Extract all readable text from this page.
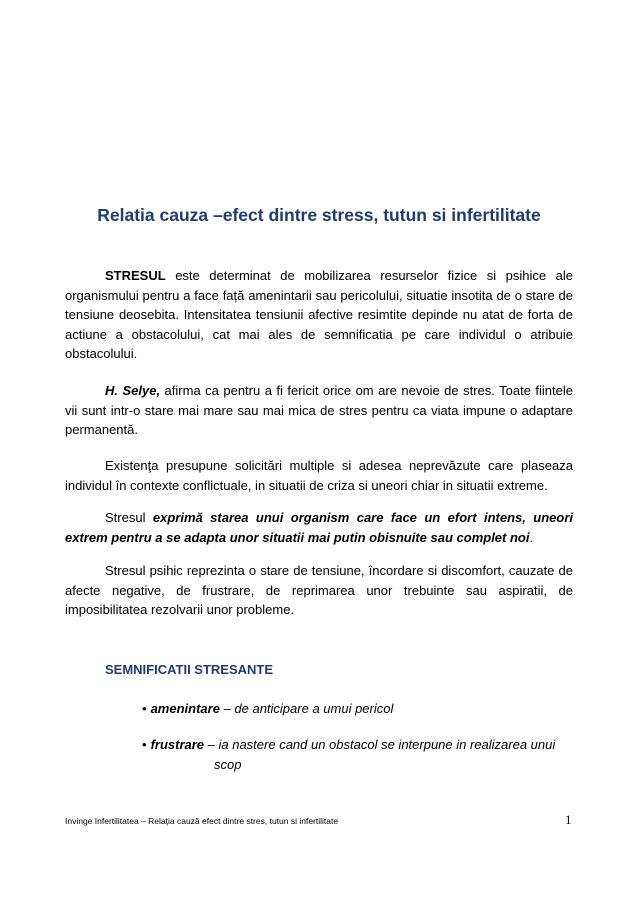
Relatia cauza –efect dintre stress, tutun si infertilitate

STRESUL este determinat de mobilizarea resurselor fizice si psihice ale organismului pentru a face față amenintarii sau pericolului, situatie insotita de o stare de tensiune deosebita. Intensitatea tensiunii afective resimtite depinde nu atat de forta de actiune a obstacolului, cat mai ales de semnificatia pe care individul o atribuie obstacolului.

H. Selye, afirma ca pentru a fi fericit orice om are nevoie de stres. Toate fiintele vii sunt intr-o stare mai mare sau mai mica de stres pentru ca viata impune o adaptare permanentă.

Existenţa presupune solicitări multiple si adesea neprevăzute care plaseaza individul în contexte conflictuale, in situatii de criza si uneori chiar in situatii extreme.

Stresul exprimă starea unui organism care face un efort intens, uneori extrem pentru a se adapta unor situatii mai putin obisnuite sau complet noi.

Stresul psihic reprezinta o stare de tensiune, încordare si discomfort, cauzate de afecte negative, de frustrare, de reprimarea unor trebuinte sau aspiratii, de imposibilitatea rezolvarii unor probleme.

SEMNIFICATII STRESANTE

• amenintare – de anticipare a umui pericol

• frustrare – ia nastere cand un obstacol se interpune in realizarea unui
scop

Invinge Infertilitatea – Relaţia cauză efect dintre stres, tutun si infertilitate	1
